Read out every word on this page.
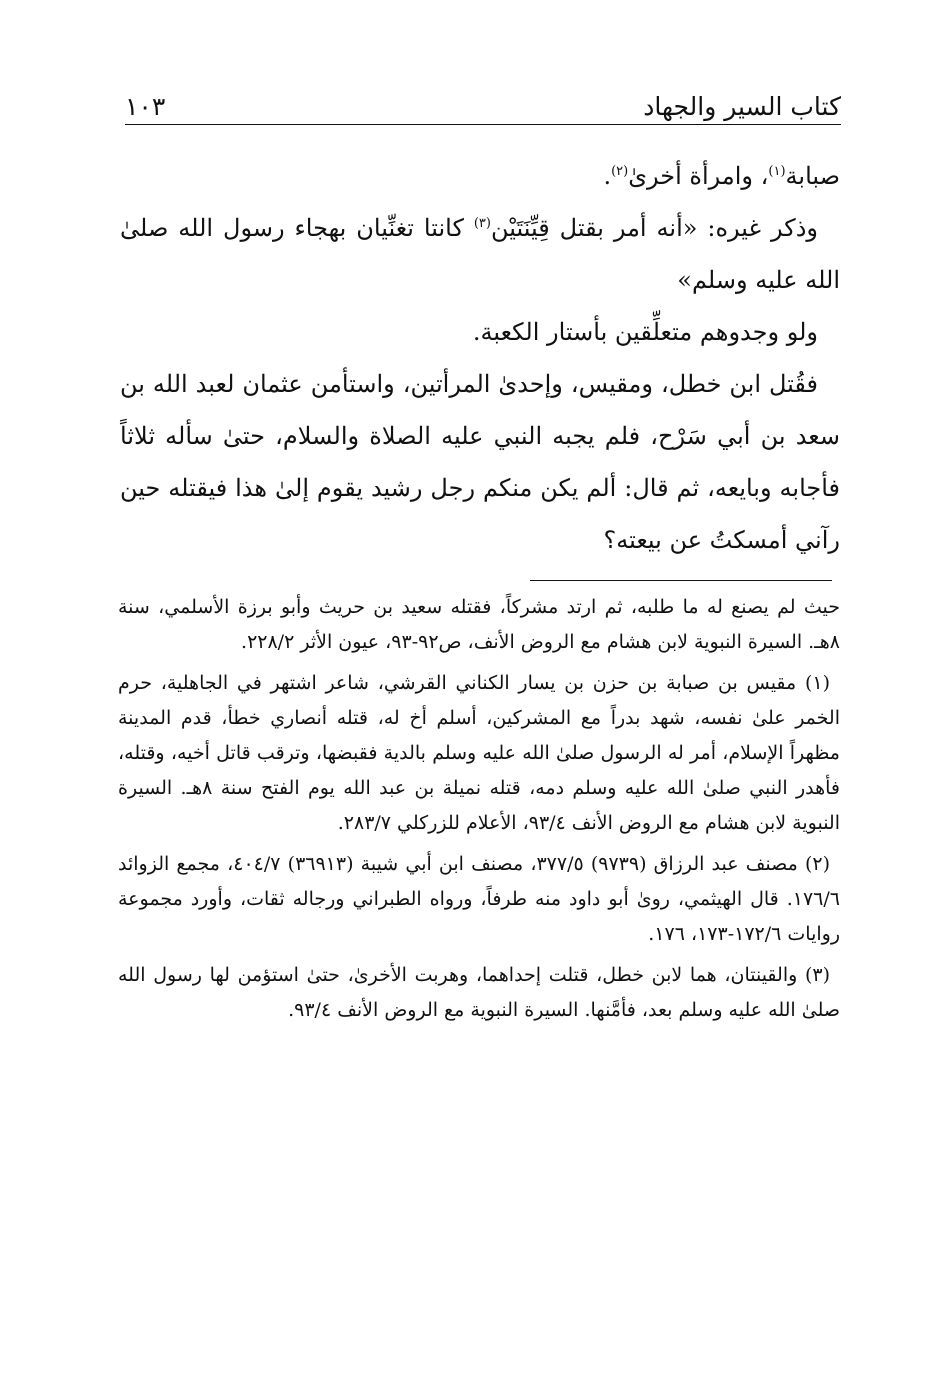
كتاب السير والجهاد
١٠٣

صبابة$^{(١)}$، وامرأة أخرىٰ$^{(٢)}$.

وذكر غيره: «أنه أمر بقتل قِيِّنَتَيْن$^{(٣)}$ كانتا تغنِّيان بهجاء رسول الله صلىٰ الله عليه وسلم»

ولو وجدوهم متعلِّقين بأستار الكعبة.

فقُتل ابن خطل، ومقيس، وإحدىٰ المرأتين، واستأمن عثمان لعبد الله بن سعد بن أبي سَرْح، فلم يجبه النبي عليه الصلاة والسلام، حتىٰ سأله ثلاثاً فأجابه وبايعه، ثم قال: ألم يكن منكم رجل رشيد يقوم إلىٰ هذا فيقتله حين رآني أمسكتُ عن بيعته؟

حيث لم يصنع له ما طلبه، ثم ارتد مشركاً، فقتله سعيد بن حريث وأبو برزة الأسلمي، سنة ٨هـ. السيرة النبوية لابن هشام مع الروض الأنف، ص٩٢-٩٣، عيون الأثر ٢٢٨/٢.

(١) مقيس بن صبابة بن حزن بن يسار الكناني القرشي، شاعر اشتهر في الجاهلية، حرم الخمر علىٰ نفسه، شهد بدراً مع المشركين، أسلم أخ له، قتله أنصاري خطأ، قدم المدينة مظهراً الإسلام، أمر له الرسول صلىٰ الله عليه وسلم بالدية فقبضها، وترقب قاتل أخيه، وقتله، فأهدر النبي صلىٰ الله عليه وسلم دمه، قتله نميلة بن عبد الله يوم الفتح سنة ٨هـ. السيرة النبوية لابن هشام مع الروض الأنف ٩٣/٤، الأعلام للزركلي ٢٨٣/٧.

(٢) مصنف عبد الرزاق (٩٧٣٩) ٣٧٧/٥، مصنف ابن أبي شيبة (٣٦٩١٣) ٤٠٤/٧، مجمع الزوائد ١٧٦/٦. قال الهيثمي، روىٰ أبو داود منه طرفاً، ورواه الطبراني ورجاله ثقات، وأورد مجموعة روايات ١٧٢/٦-١٧٣، ١٧٦.

(٣) والقينتان، هما لابن خطل، قتلت إحداهما، وهربت الأخرىٰ، حتىٰ استؤمن لها رسول الله صلىٰ الله عليه وسلم بعد، فأمَّنها. السيرة النبوية مع الروض الأنف ٩٣/٤.
